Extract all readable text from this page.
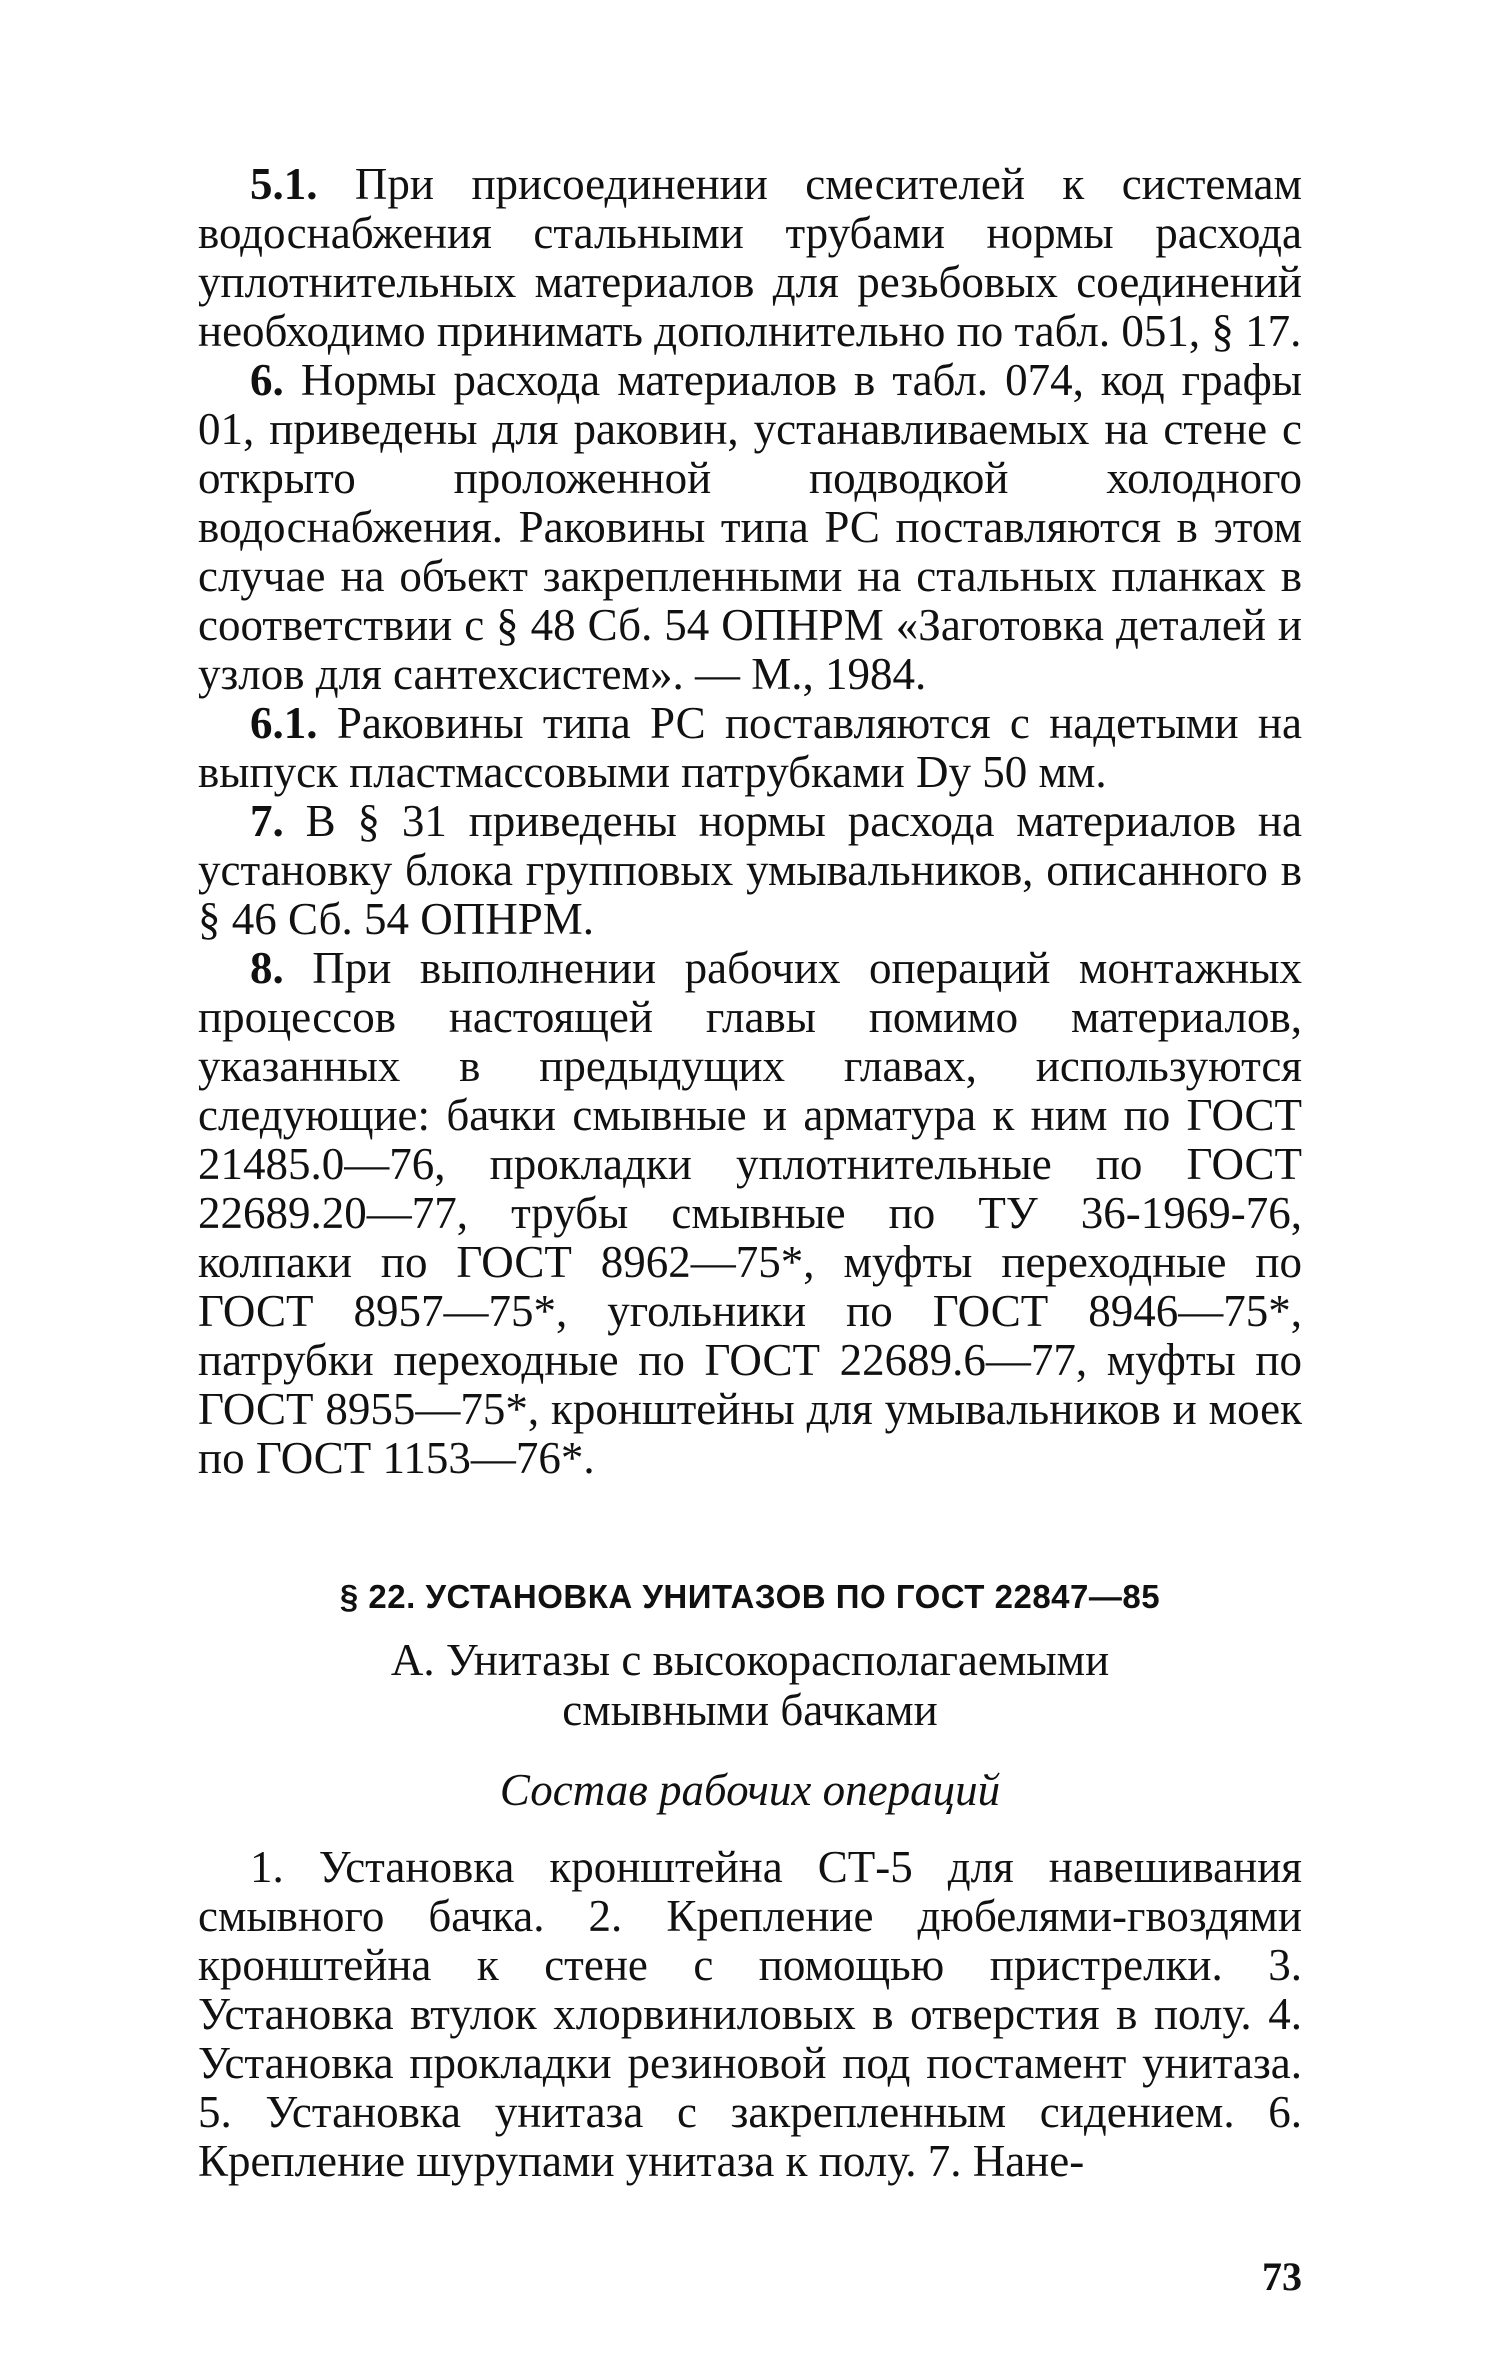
5.1. При присоединении смесителей к системам водоснабжения стальными трубами нормы расхода уплотнительных материалов для резьбовых соединений необходимо принимать дополнительно по табл. 051, § 17.

6. Нормы расхода материалов в табл. 074, код графы 01, приведены для раковин, устанавливаемых на стене с открыто проложенной подводкой холодного водоснабжения. Раковины типа РС поставляются в этом случае на объект закрепленными на стальных планках в соответствии с § 48 Сб. 54 ОПНРМ «Заготовка деталей и узлов для сантехсистем». — М., 1984.

6.1. Раковины типа РС поставляются с надетыми на выпуск пластмассовыми патрубками Dу 50 мм.

7. В § 31 приведены нормы расхода материалов на установку блока групповых умывальников, описанного в § 46 Сб. 54 ОПНРМ.

8. При выполнении рабочих операций монтажных процессов настоящей главы помимо материалов, указанных в предыдущих главах, используются следующие: бачки смывные и арматура к ним по ГОСТ 21485.0—76, прокладки уплотнительные по ГОСТ 22689.20—77, трубы смывные по ТУ 36-1969-76, колпаки по ГОСТ 8962—75*, муфты переходные по ГОСТ 8957—75*, угольники по ГОСТ 8946—75*, патрубки переходные по ГОСТ 22689.6—77, муфты по ГОСТ 8955—75*, кронштейны для умывальников и моек по ГОСТ 1153—76*.

§ 22. УСТАНОВКА УНИТАЗОВ ПО ГОСТ 22847—85
А. Унитазы с высокорасполагаемыми
смывными бачками
Состав рабочих операций

1. Установка кронштейна СТ-5 для навешивания смывного бачка. 2. Крепление дюбелями-гвоздями кронштейна к стене с помощью пристрелки. 3. Установка втулок хлорвиниловых в отверстия в полу. 4. Установка прокладки резиновой под постамент унитаза. 5. Установка унитаза с закрепленным сидением. 6. Крепление шурупами унитаза к полу. 7. Нане-

73
